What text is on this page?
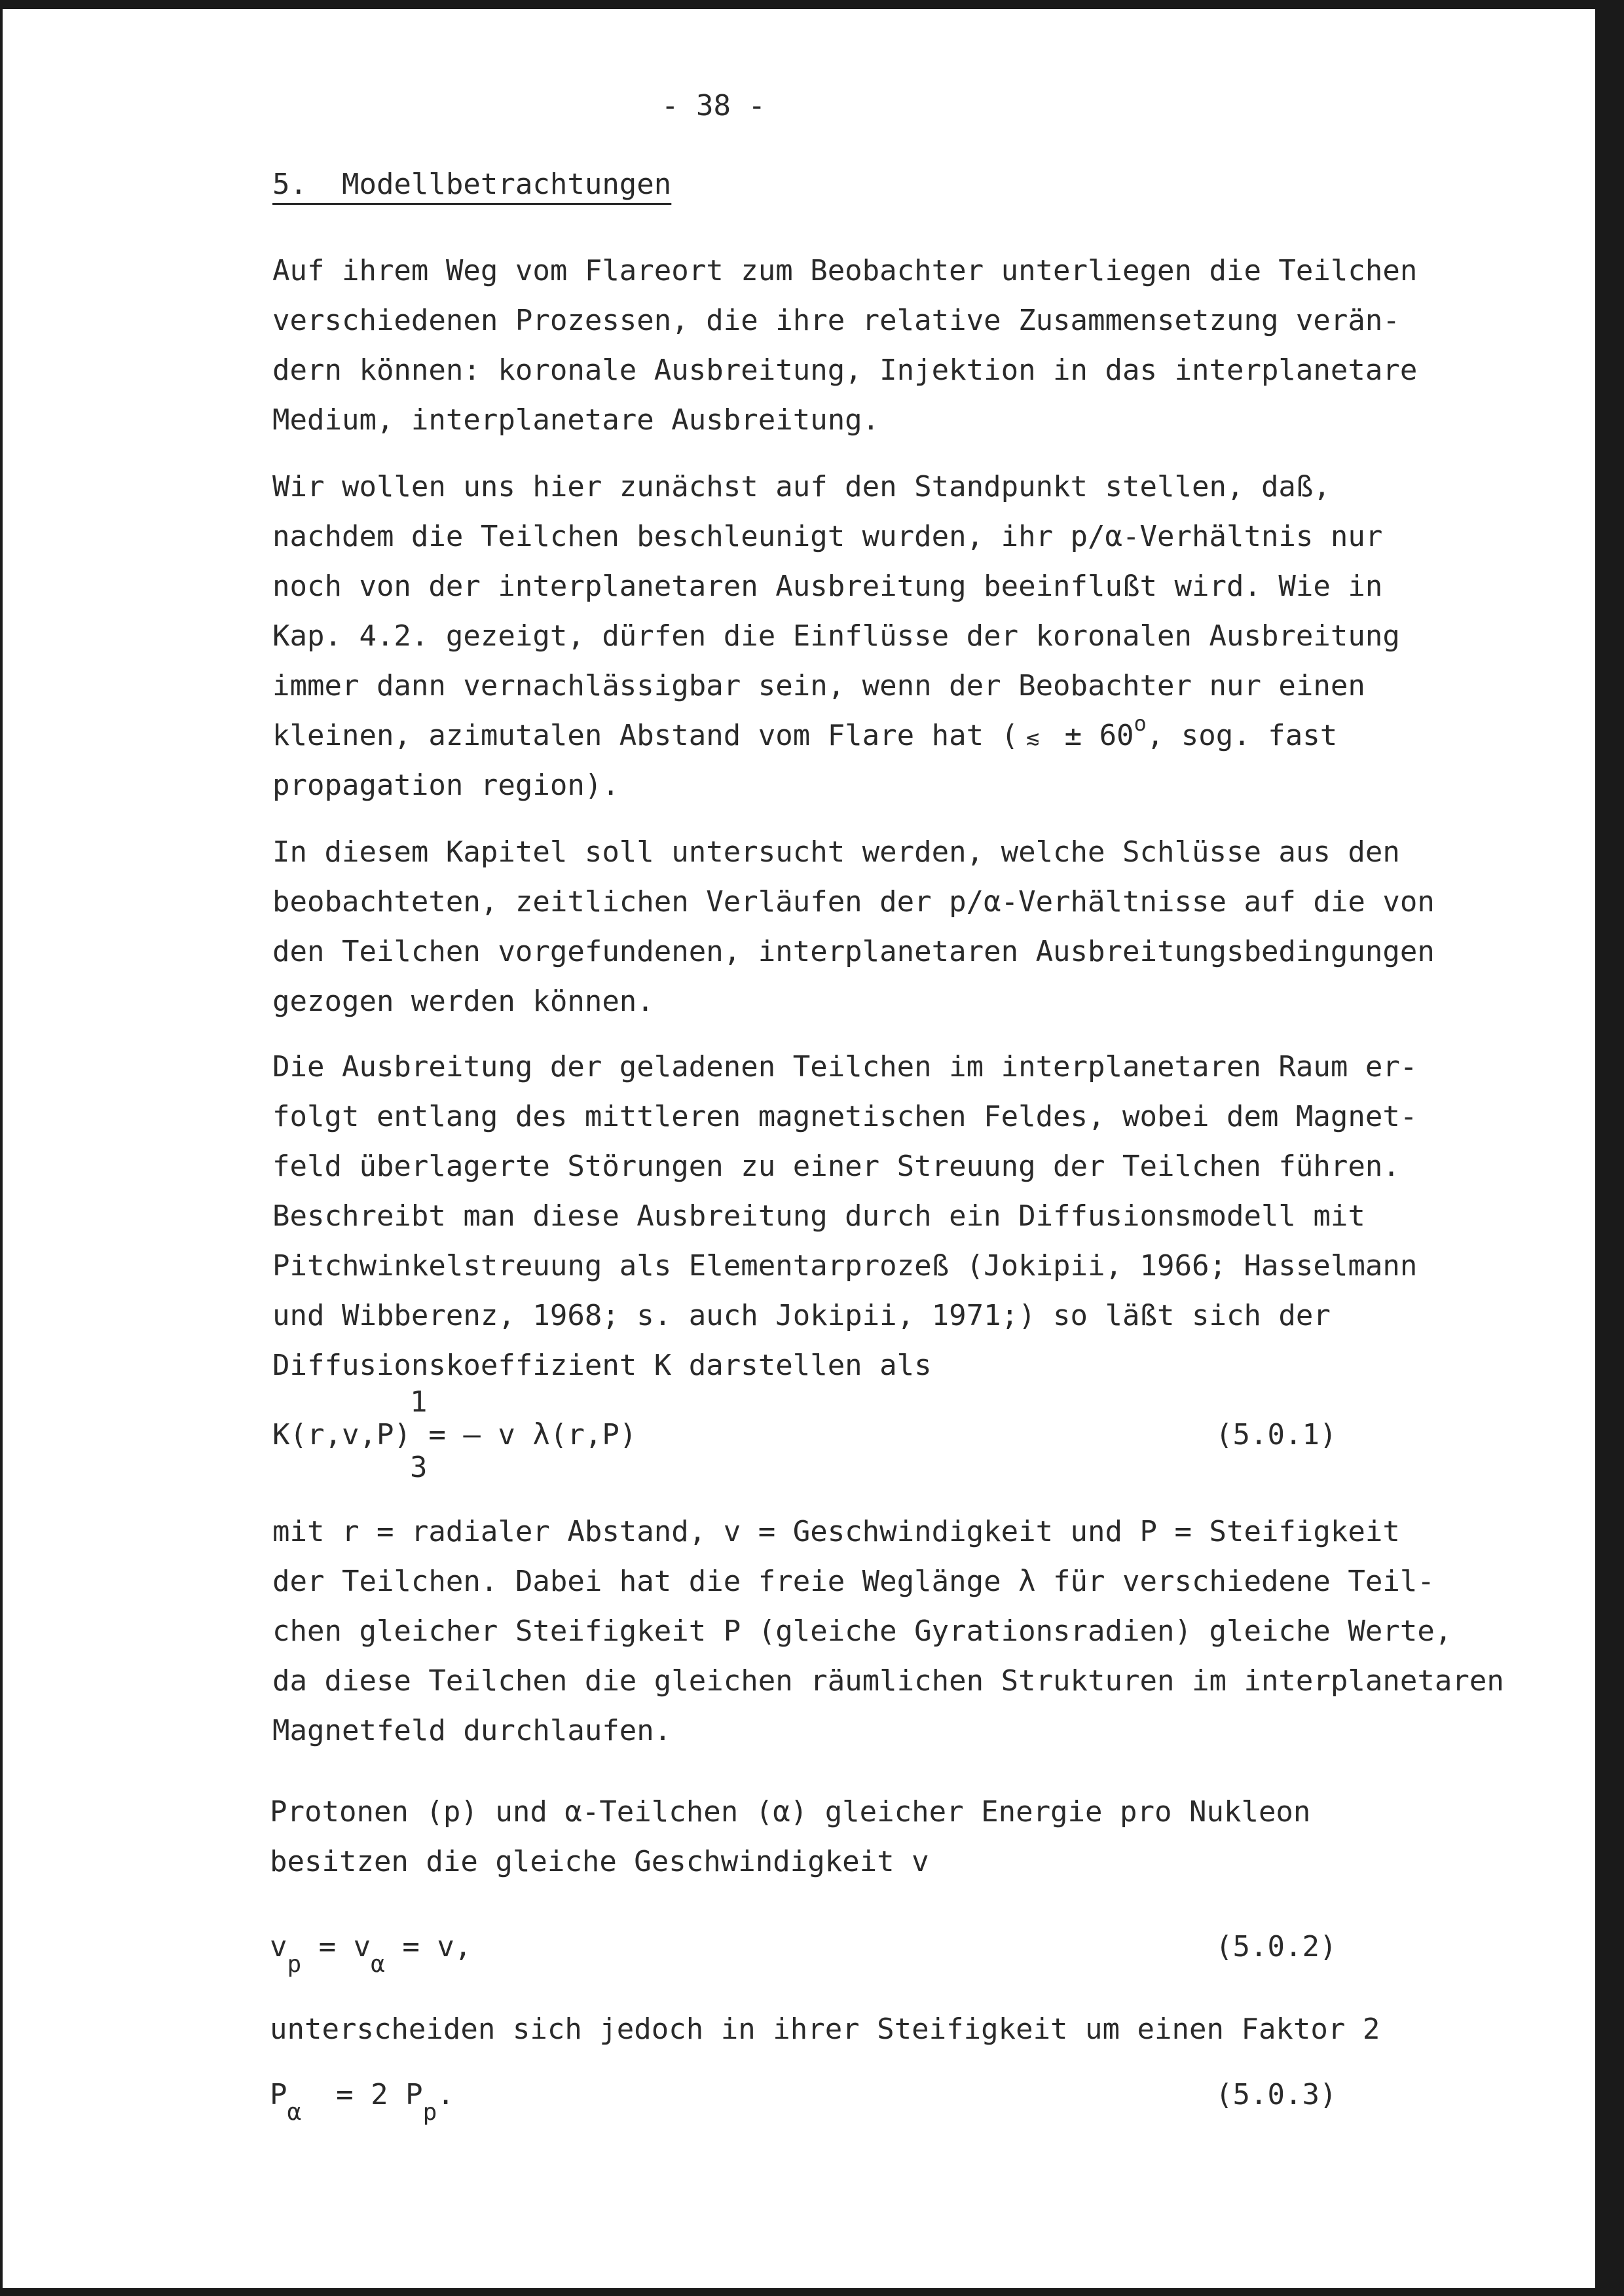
- 38 -
5.  Modellbetrachtungen
Auf ihrem Weg vom Flareort zum Beobachter unterliegen die Teilchen
verschiedenen Prozessen, die ihre relative Zusammensetzung verän-
dern können: koronale Ausbreitung, Injektion in das interplanetare
Medium, interplanetare Ausbreitung.
Wir wollen uns hier zunächst auf den Standpunkt stellen, daß,
nachdem die Teilchen beschleunigt wurden, ihr p/α-Verhältnis nur
noch von der interplanetaren Ausbreitung beeinflußt wird. Wie in
Kap. 4.2. gezeigt, dürfen die Einflüsse der koronalen Ausbreitung
immer dann vernachlässigbar sein, wenn der Beobachter nur einen
kleinen, azimutalen Abstand vom Flare hat ( ≲ ± $60^o$, sog. fast
propagation region).
In diesem Kapitel soll untersucht werden, welche Schlüsse aus den
beobachteten, zeitlichen Verläufen der p/α-Verhältnisse auf die von
den Teilchen vorgefundenen, interplanetaren Ausbreitungsbedingungen
gezogen werden können.
Die Ausbreitung der geladenen Teilchen im interplanetaren Raum er-
folgt entlang des mittleren magnetischen Feldes, wobei dem Magnet-
feld überlagerte Störungen zu einer Streuung der Teilchen führen.
Beschreibt man diese Ausbreitung durch ein Diffusionsmodell mit
Pitchwinkelstreuung als Elementarprozeß (Jokipii, 1966; Hasselmann
und Wibberenz, 1968; s. auch Jokipii, 1971;) so läßt sich der
Diffusionskoeffizient K darstellen als
1
K(r,v,P) = — v λ(r,P)
3
(5.0.1)
mit r = radialer Abstand, v = Geschwindigkeit und P = Steifigkeit
der Teilchen. Dabei hat die freie Weglänge λ für verschiedene Teil-
chen gleicher Steifigkeit P (gleiche Gyrationsradien) gleiche Werte,
da diese Teilchen die gleichen räumlichen Strukturen im interplanetaren
Magnetfeld durchlaufen.
Protonen (p) und α-Teilchen (α) gleicher Energie pro Nukleon
besitzen die gleiche Geschwindigkeit v
$v_p = v_\alpha = v$,	(5.0.2)
unterscheiden sich jedoch in ihrer Steifigkeit um einen Faktor 2
$P_\alpha = 2$ $P_p$.	(5.0.3)
